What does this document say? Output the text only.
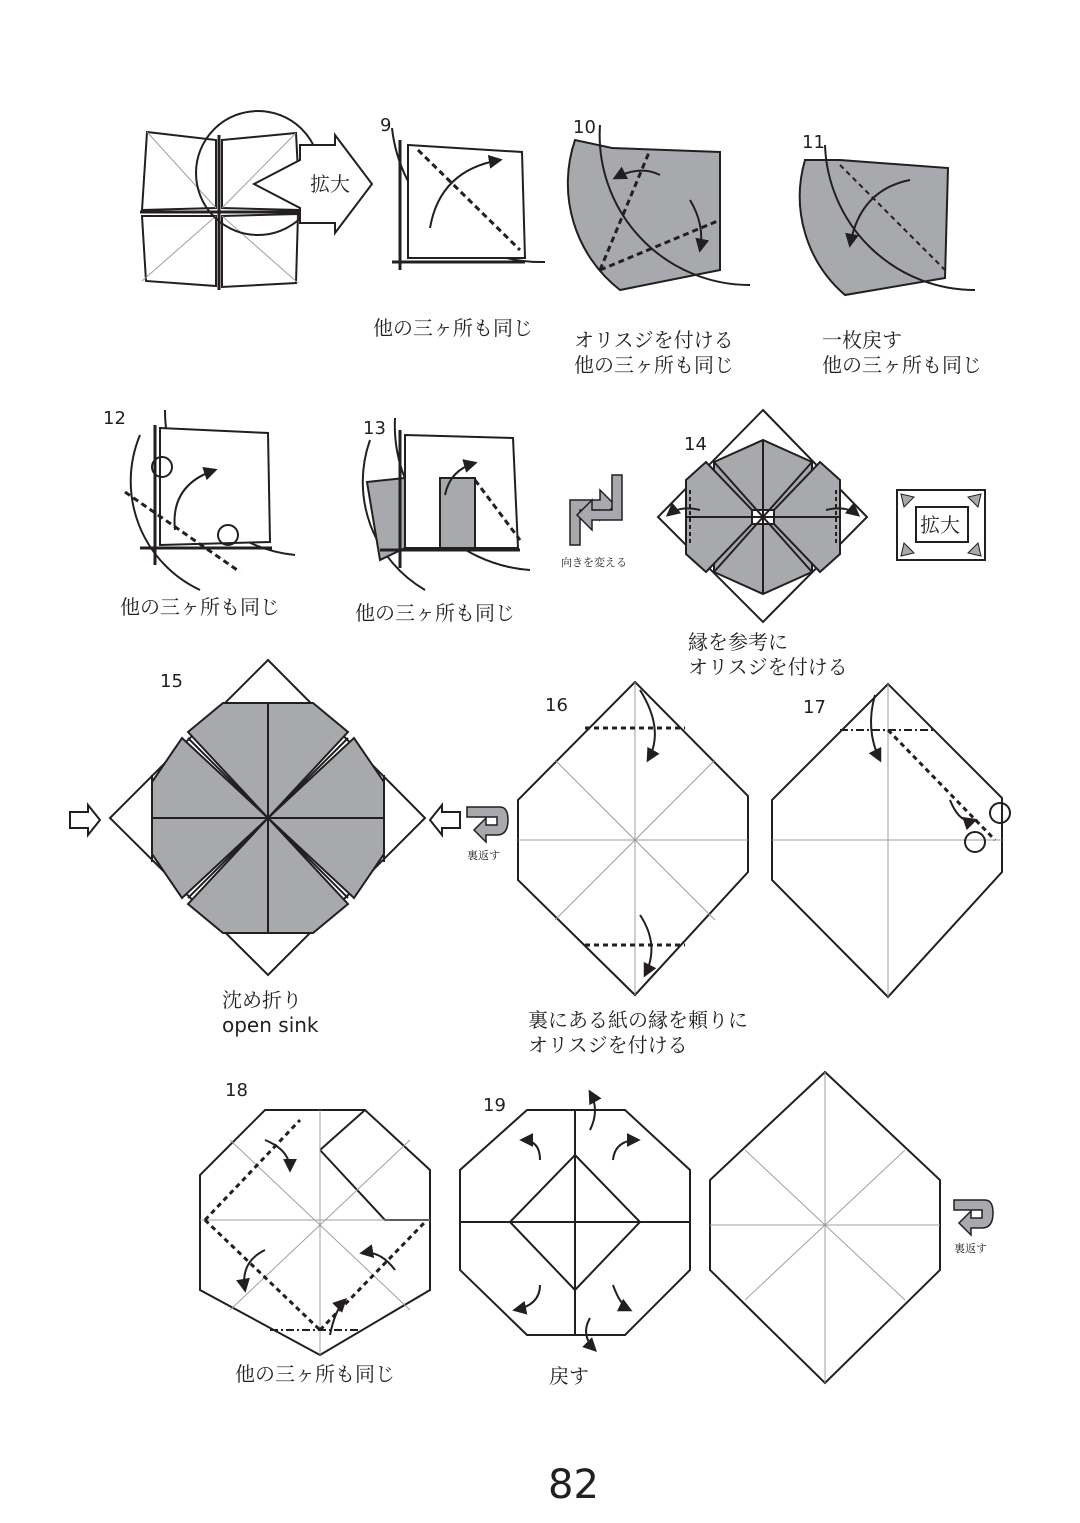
拡大
拡大
9	10
11
12	13
14
15
16	17
18
19
他の三ヶ所も同じ オリスジを付ける
他の三ヶ所も同じ
一枚戻す
他の三ヶ所も同じ
他の三ヶ所も同じ	他の三ヶ所も同じ
縁を参考に
オリスジを付ける
沈め折り
open sink	裏にある紙の縁を頼りに
オリスジを付ける
他の三ヶ所も同じ	戻す
向きを変える
裏返す
裏返す
82
